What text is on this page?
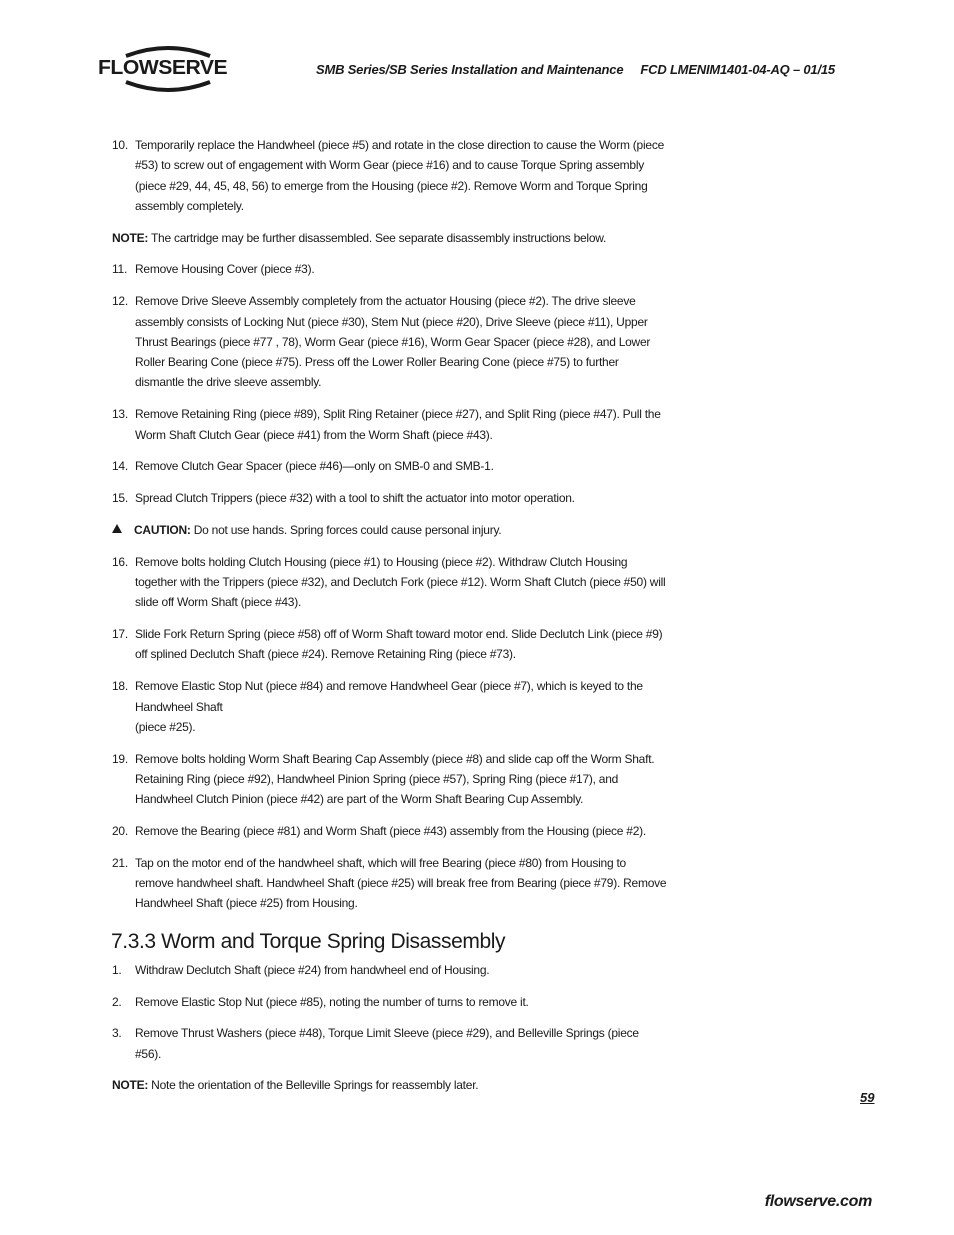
FLOWSERVE	SMB Series/SB Series Installation and Maintenance     FCD LMENIM1401-04-AQ – 01/15
10. Temporarily replace the Handwheel (piece #5) and rotate in the close direction to cause the Worm (piece #53) to screw out of engagement with Worm Gear (piece #16) and to cause Torque Spring assembly (piece #29, 44, 45, 48, 56) to emerge from the Housing (piece #2). Remove Worm and Torque Spring assembly completely.
NOTE: The cartridge may be further disassembled. See separate disassembly instructions below.
11. Remove Housing Cover (piece #3).
12. Remove Drive Sleeve Assembly completely from the actuator Housing (piece #2). The drive sleeve assembly consists of Locking Nut (piece #30), Stem Nut (piece #20), Drive Sleeve (piece #11), Upper Thrust Bearings (piece #77 , 78), Worm Gear (piece #16), Worm Gear Spacer (piece #28), and Lower Roller Bearing Cone (piece #75). Press off the Lower Roller Bearing Cone (piece #75) to further dismantle the drive sleeve assembly.
13. Remove Retaining Ring (piece #89), Split Ring Retainer (piece #27), and Split Ring (piece #47). Pull the Worm Shaft Clutch Gear (piece #41) from the Worm Shaft (piece #43).
14. Remove Clutch Gear Spacer (piece #46)—only on SMB-0 and SMB-1.
15. Spread Clutch Trippers (piece #32) with a tool to shift the actuator into motor operation.
CAUTION: Do not use hands. Spring forces could cause personal injury.
16. Remove bolts holding Clutch Housing (piece #1) to Housing (piece #2). Withdraw Clutch Housing together with the Trippers (piece #32), and Declutch Fork (piece #12). Worm Shaft Clutch (piece #50) will slide off Worm Shaft (piece #43).
17. Slide Fork Return Spring (piece #58) off of Worm Shaft toward motor end. Slide Declutch Link (piece #9) off splined Declutch Shaft (piece #24). Remove Retaining Ring (piece #73).
18. Remove Elastic Stop Nut (piece #84) and remove Handwheel Gear (piece #7), which is keyed to the Handwheel Shaft
(piece #25).
19. Remove bolts holding Worm Shaft Bearing Cap Assembly (piece #8) and slide cap off the Worm Shaft. Retaining Ring (piece #92), Handwheel Pinion Spring (piece #57), Spring Ring (piece #17), and Handwheel Clutch Pinion (piece #42) are part of the Worm Shaft Bearing Cup Assembly.
20. Remove the Bearing (piece #81) and Worm Shaft (piece #43) assembly from the Housing (piece #2).
21. Tap on the motor end of the handwheel shaft, which will free Bearing (piece #80) from Housing to remove handwheel shaft. Handwheel Shaft (piece #25) will break free from Bearing (piece #79). Remove Handwheel Shaft (piece #25) from Housing.
7.3.3 Worm and Torque Spring Disassembly
1. Withdraw Declutch Shaft (piece #24) from handwheel end of Housing.
2. Remove Elastic Stop Nut (piece #85), noting the number of turns to remove it.
3. Remove Thrust Washers (piece #48), Torque Limit Sleeve (piece #29), and Belleville Springs (piece #56).
NOTE: Note the orientation of the Belleville Springs for reassembly later.
59
flowserve.com
